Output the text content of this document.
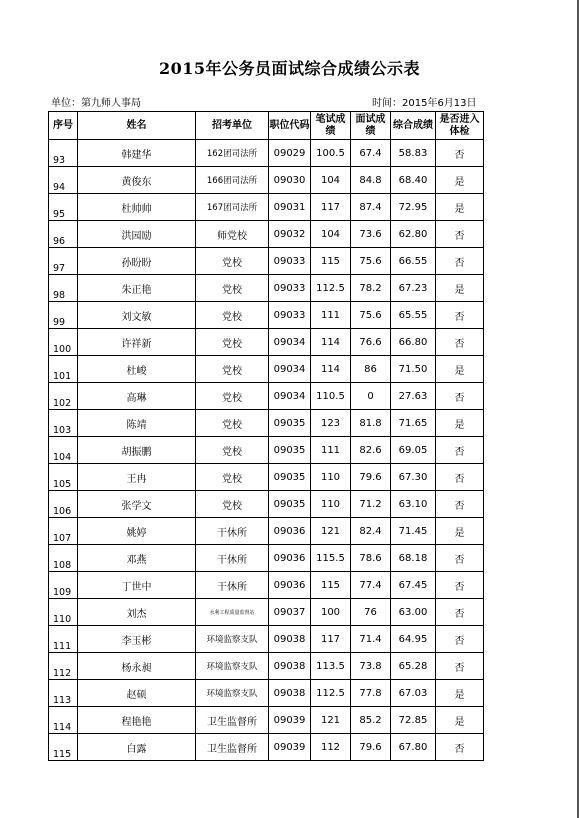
2015年公务员面试综合成绩公示表
单位：第九师人事局	时间：2015年6月13日
序号	姓名	招考单位	职位代码	笔试成绩	面试成绩	综合成绩	是否进入体检
93	韩建华	162团司法所	09029	100.5	67.4	58.83	否
94	黄俊东	166团司法所	09030	104	84.8	68.40	是
95	杜帅帅	167团司法所	09031	117	87.4	72.95	是
96	洪园励	师党校	09032	104	73.6	62.80	否
97	孙盼盼	党校	09033	115	75.6	66.55	否
98	朱正艳	党校	09033	112.5	78.2	67.23	是
99	刘文敏	党校	09033	111	75.6	65.55	否
100	许祥新	党校	09034	114	76.6	66.80	否
101	杜峻	党校	09034	114	86	71.50	是
102	高琳	党校	09034	110.5	0	27.63	否
103	陈靖	党校	09035	123	81.8	71.65	是
104	胡振鹏	党校	09035	111	82.6	69.05	否
105	王冉	党校	09035	110	79.6	67.30	否
106	张学文	党校	09035	110	71.2	63.10	否
107	姚婷	干休所	09036	121	82.4	71.45	是
108	邓燕	干休所	09036	115.5	78.6	68.18	否
109	丁世中	干休所	09036	115	77.4	67.45	否
110	刘杰	水利工程质量监督站	09037	100	76	63.00	否
111	李玉彬	环境监察支队	09038	117	71.4	64.95	否
112	杨永昶	环境监察支队	09038	113.5	73.8	65.28	否
113	赵硕	环境监察支队	09038	112.5	77.8	67.03	是
114	程艳艳	卫生监督所	09039	121	85.2	72.85	是
115	白露	卫生监督所	09039	112	79.6	67.80	否
